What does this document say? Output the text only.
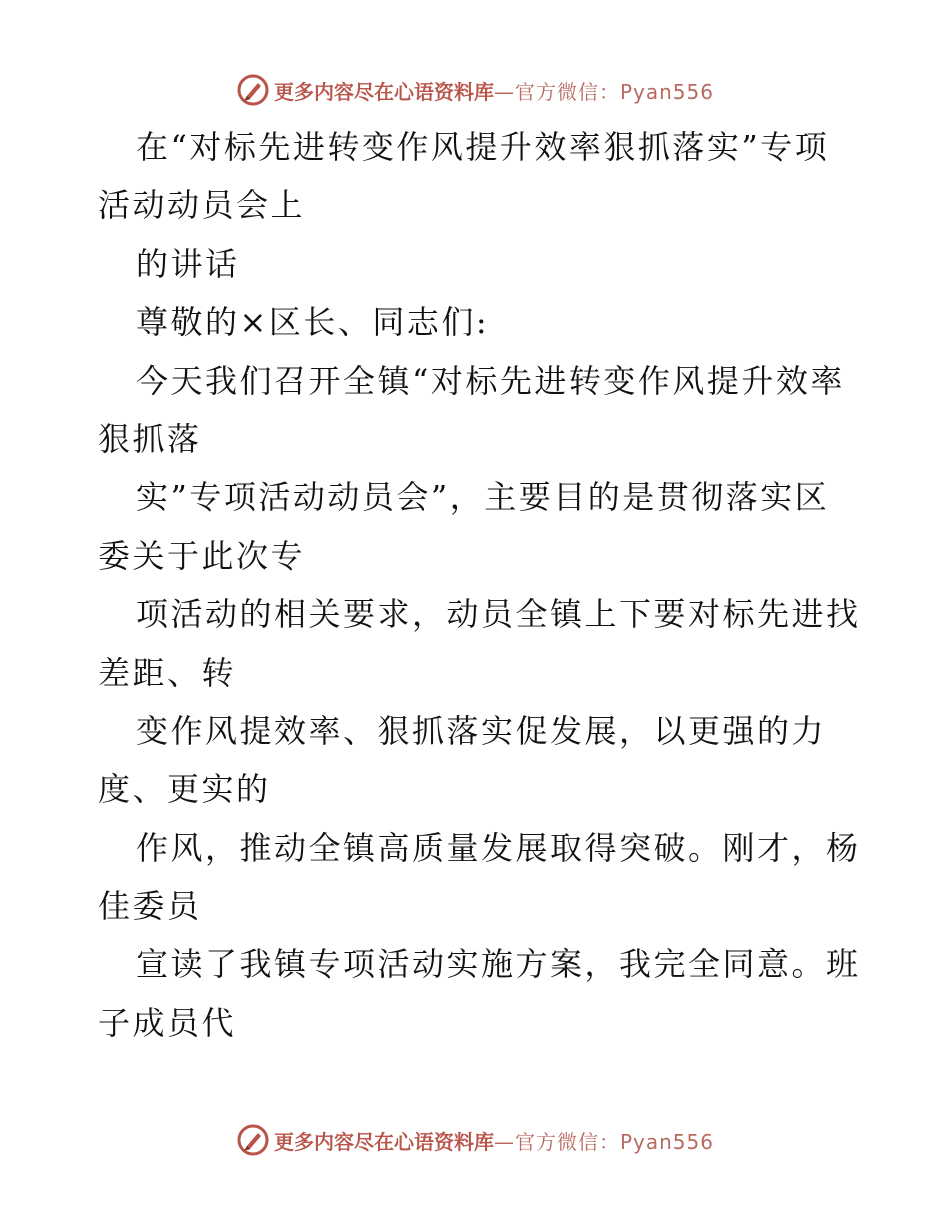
更多内容尽在心语资料库 —官方微信：Pyan556
在“对标先进转变作风提升效率狠抓落实”专项
活动动员会上
的讲话
尊敬的×区长、同志们:
今天我们召开全镇“对标先进转变作风提升效率
狠抓落
实”专项活动动员会”，主要目的是贯彻落实区
委关于此次专
项活动的相关要求，动员全镇上下要对标先进找
差距、转
变作风提效率、狠抓落实促发展，以更强的力
度、更实的
作风，推动全镇高质量发展取得突破。刚才，杨
佳委员
宣读了我镇专项活动实施方案，我完全同意。班
子成员代
更多内容尽在心语资料库 —官方微信：Pyan556
